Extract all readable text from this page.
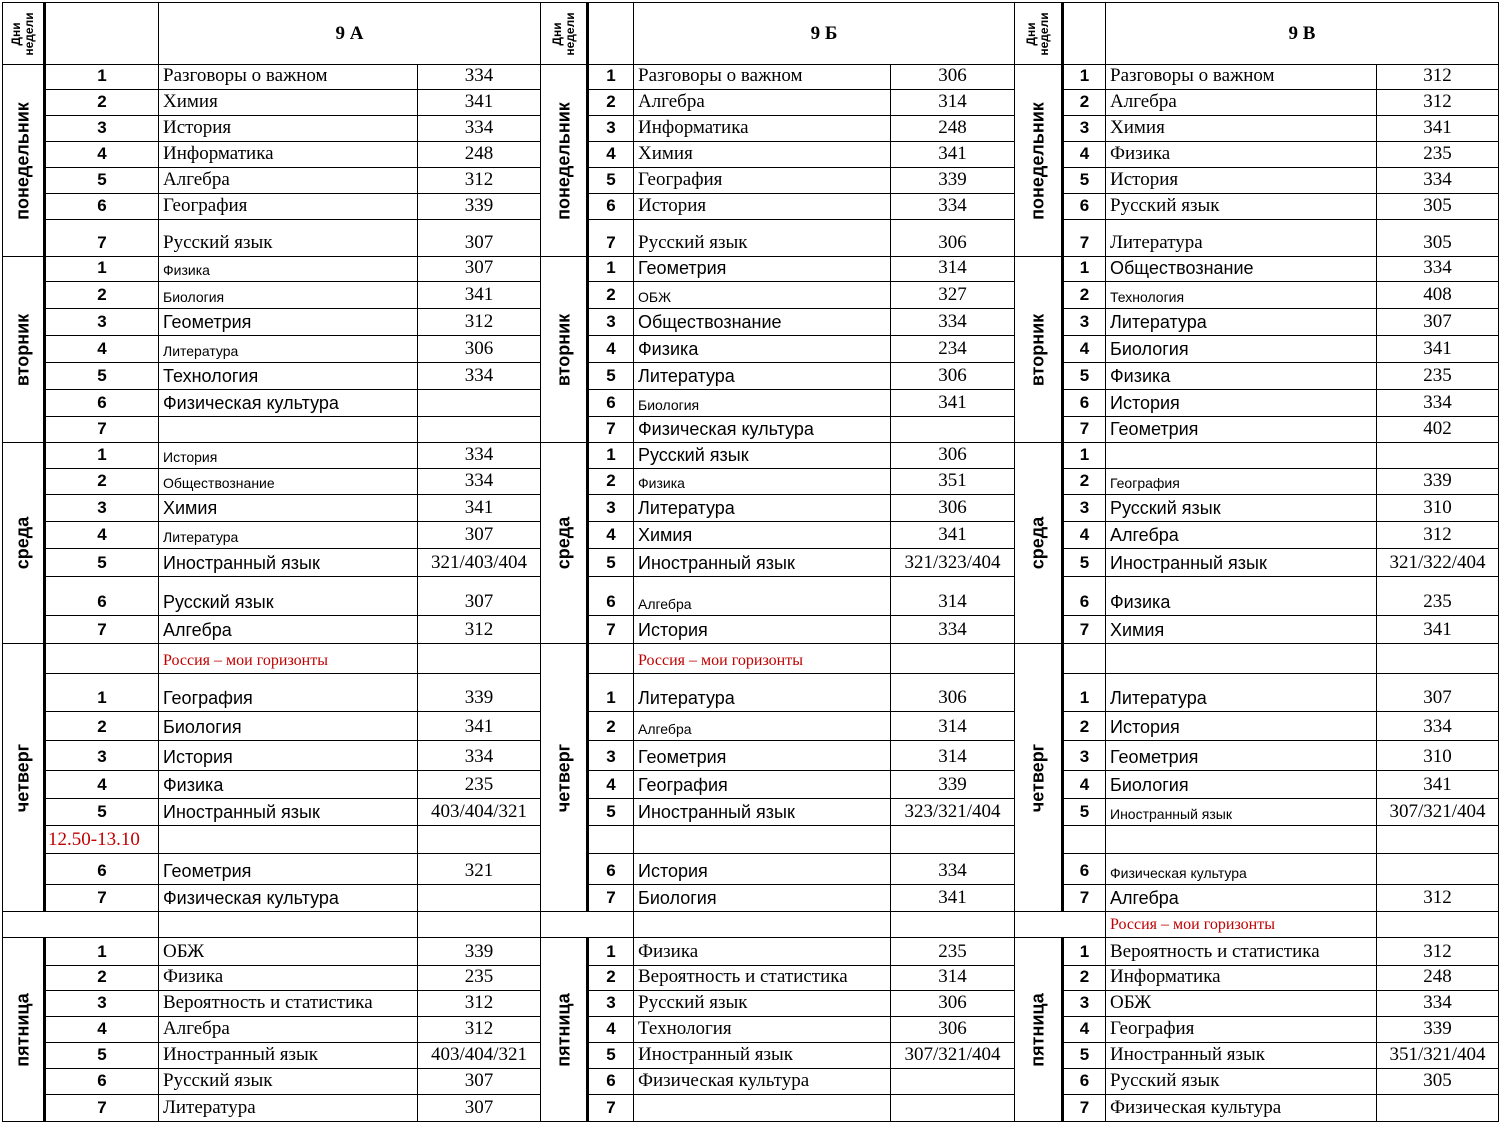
Дни
недели	9 А
понедельник
1	Разговоры о важном	334
2	Химия	341
3	История	334
4	Информатика	248
5	Алгебра	312
6	География	339
7	Русский язык	307
вторник
1	Физика	307
2	Биология	341
3	Геометрия	312
4	Литература	306
5	Технология	334
6	Физическая культура
7
среда
1	История	334
2	Обществознание	334
3	Химия	341
4	Литература	307
5	Иностранный язык	321/403/404
6	Русский язык	307
7	Алгебра	312
четверг
Россия – мои горизонты
1	География	339
2	Биология	341
3	История	334
4	Физика	235
5	Иностранный язык	403/404/321
12.50-13.10
6	Геометрия	321
7	Физическая культура
пятница
1	ОБЖ	339
2	Физика	235
3	Вероятность и статистика	312
4	Алгебра	312
5	Иностранный язык	403/404/321
6	Русский язык	307
7	Литература	307
Дни
недели	9 Б
понедельник
1	Разговоры о важном	306
2	Алгебра	314
3	Информатика	248
4	Химия	341
5	География	339
6	История	334
7	Русский язык	306
вторник
1	Геометрия	314
2	ОБЖ	327
3	Обществознание	334
4	Физика	234
5	Литература	306
6	Биология	341
7	Физическая культура
среда
1	Русский язык	306
2	Физика	351
3	Литература	306
4	Химия	341
5	Иностранный язык	321/323/404
6	Алгебра	314
7	История	334
четверг
Россия – мои горизонты
1	Литература	306
2	Алгебра	314
3	Геометрия	314
4	География	339
5	Иностранный язык	323/321/404
6	История	334
7	Биология	341
пятница
1	Физика	235
2	Вероятность и статистика	314
3	Русский язык	306
4	Технология	306
5	Иностранный язык	307/321/404
6	Физическая культура
7
Дни
недели	9 В
понедельник
1	Разговоры о важном	312
2	Алгебра	312
3	Химия	341
4	Физика	235
5	История	334
6	Русский язык	305
7	Литература	305
вторник
1	Обществознание	334
2	Технология	408
3	Литература	307
4	Биология	341
5	Физика	235
6	История	334
7	Геометрия	402
среда
1
2	География	339
3	Русский язык	310
4	Алгебра	312
5	Иностранный язык	321/322/404
6	Физика	235
7	Химия	341
четверг
1	Литература	307
2	История	334
3	Геометрия	310
4	Биология	341
5	Иностранный язык	307/321/404
6	Физическая культура
7	Алгебра	312
Россия – мои горизонты
пятница
1	Вероятность и статистика	312
2	Информатика	248
3	ОБЖ	334
4	География	339
5	Иностранный язык	351/321/404
6	Русский язык	305
7	Физическая культура
